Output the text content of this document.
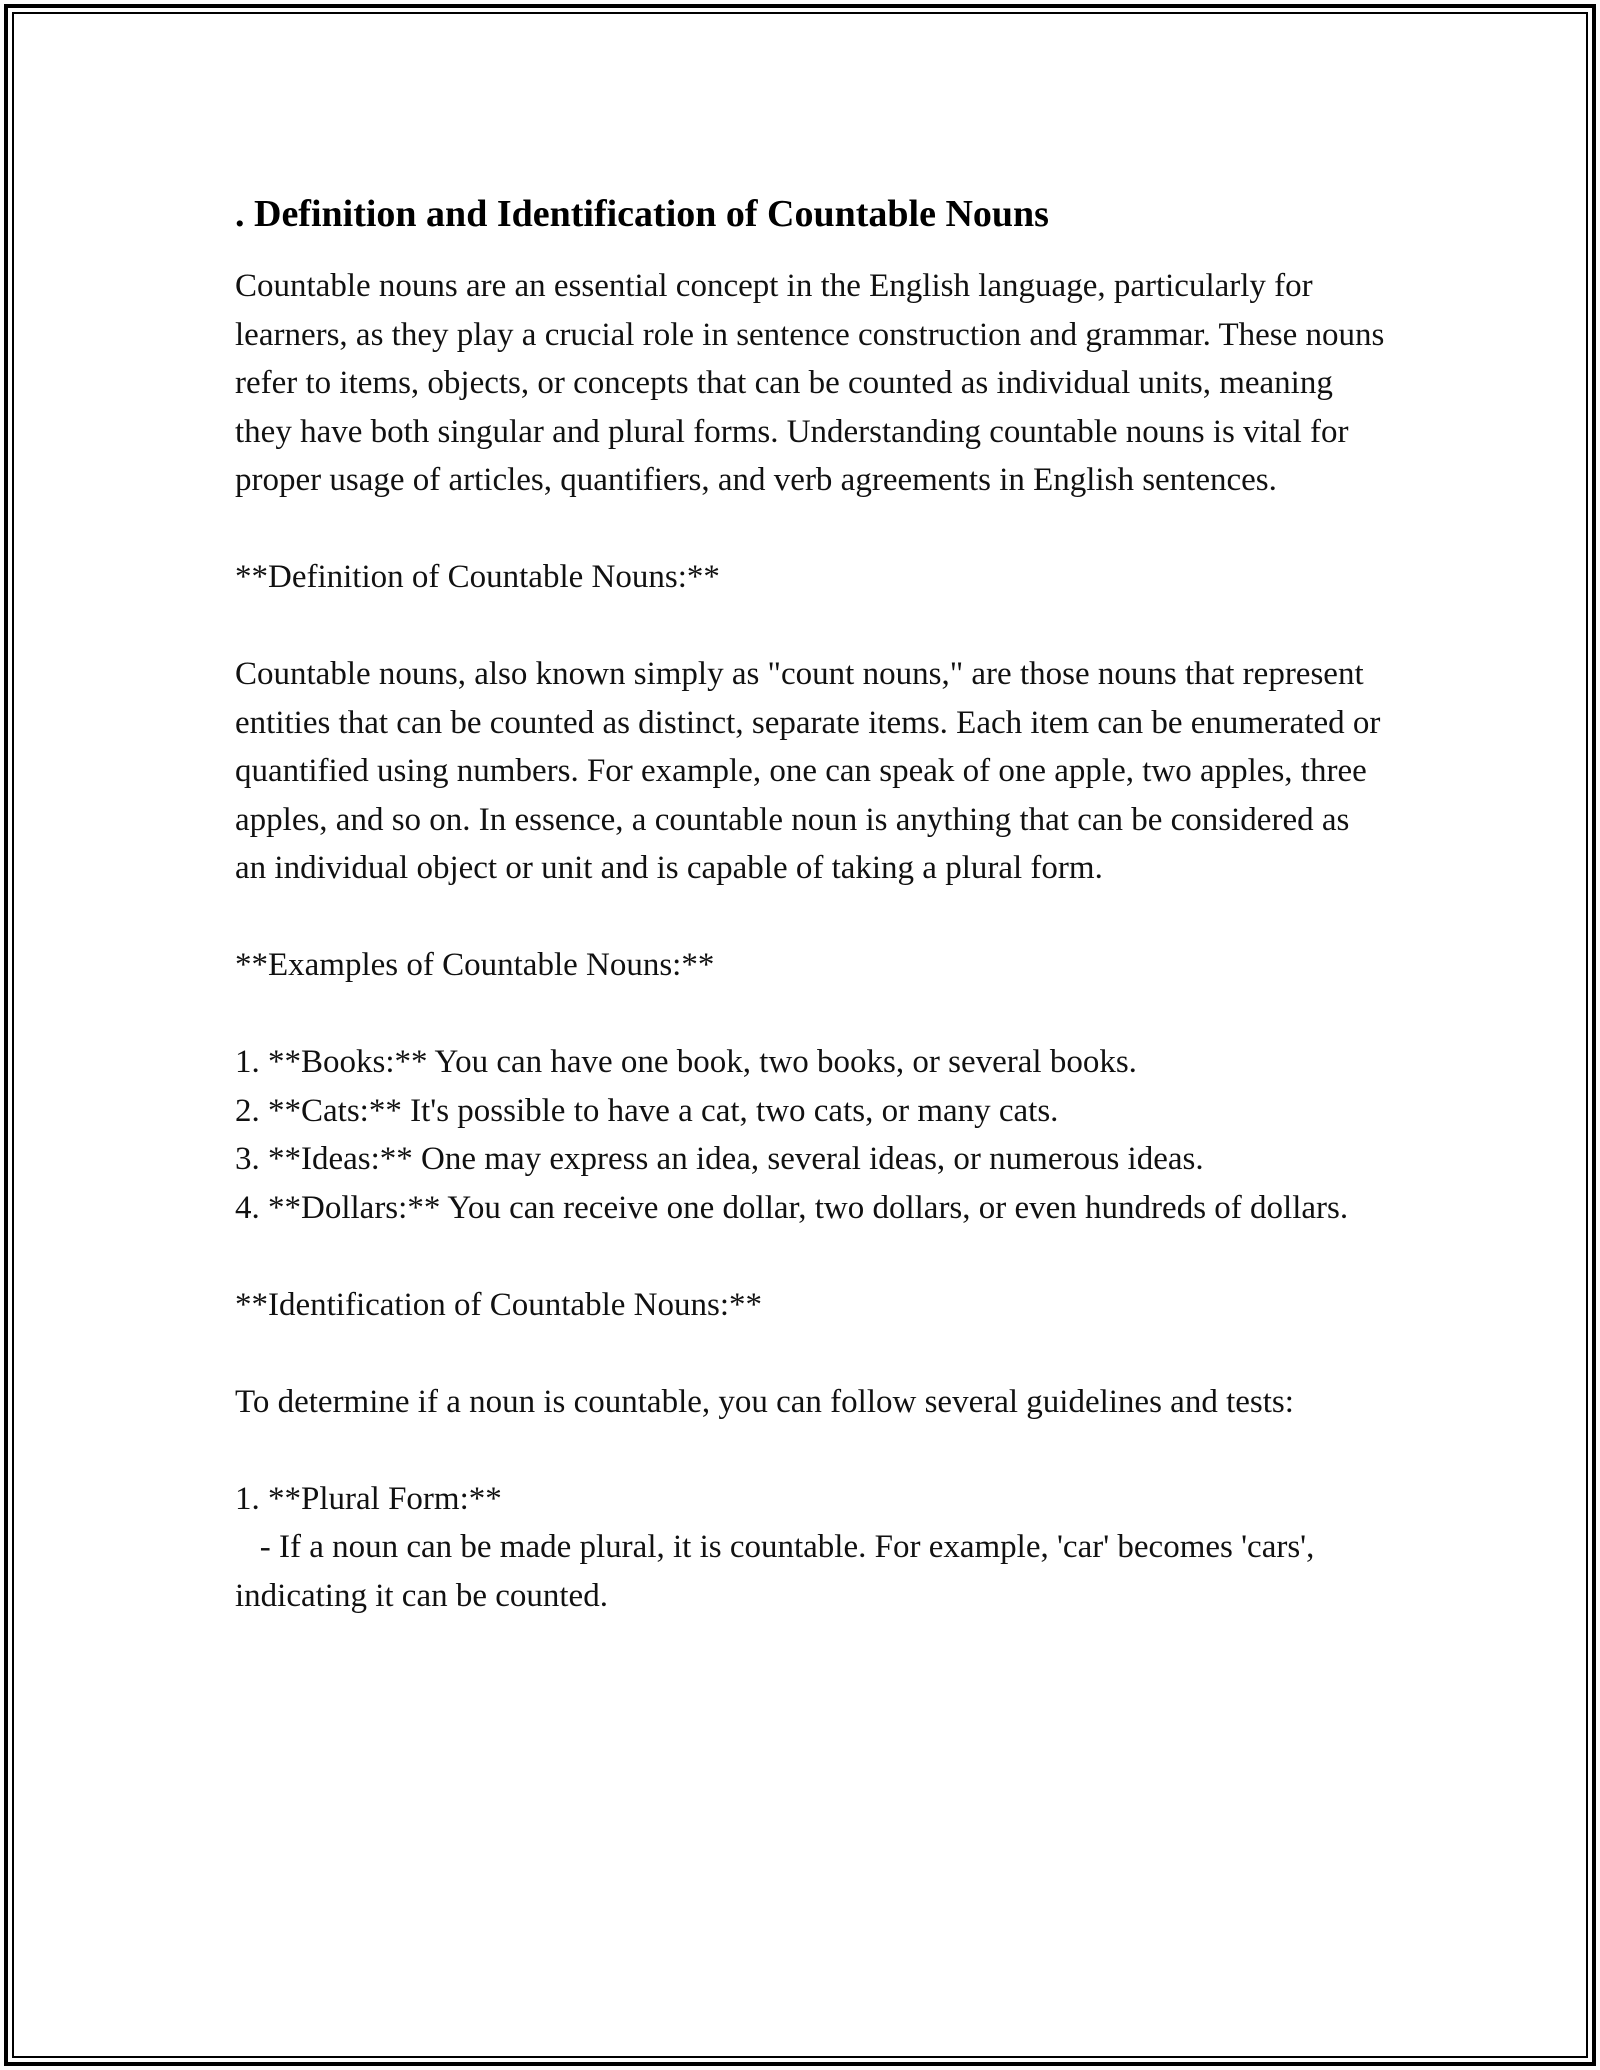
. Definition and Identification of Countable Nouns

Countable nouns are an essential concept in the English language, particularly for learners, as they play a crucial role in sentence construction and grammar. These nouns refer to items, objects, or concepts that can be counted as individual units, meaning they have both singular and plural forms. Understanding countable nouns is vital for proper usage of articles, quantifiers, and verb agreements in English sentences.

**Definition of Countable Nouns:**

Countable nouns, also known simply as "count nouns," are those nouns that represent entities that can be counted as distinct, separate items. Each item can be enumerated or quantified using numbers. For example, one can speak of one apple, two apples, three apples, and so on. In essence, a countable noun is anything that can be considered as an individual object or unit and is capable of taking a plural form.

**Examples of Countable Nouns:**

1. **Books:** You can have one book, two books, or several books.

2. **Cats:** It's possible to have a cat, two cats, or many cats.

3. **Ideas:** One may express an idea, several ideas, or numerous ideas.

4. **Dollars:** You can receive one dollar, two dollars, or even hundreds of dollars.

**Identification of Countable Nouns:**

To determine if a noun is countable, you can follow several guidelines and tests:

1. **Plural Form:**

- If a noun can be made plural, it is countable. For example, 'car' becomes 'cars', indicating it can be counted.
